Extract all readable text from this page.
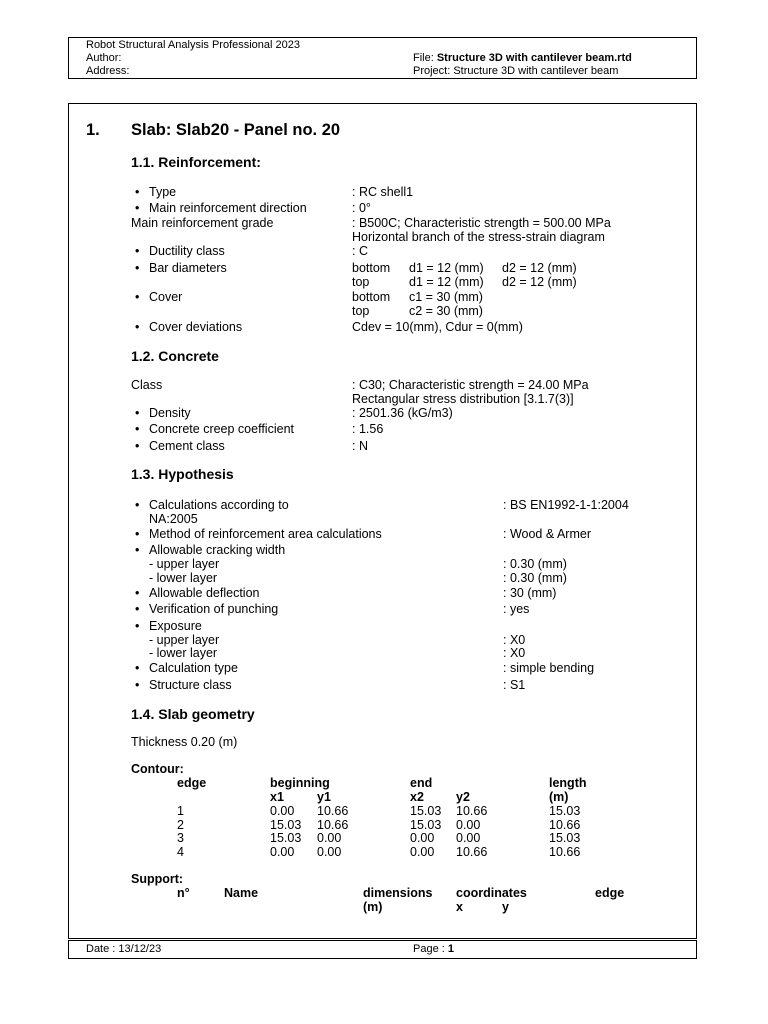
Robot Structural Analysis Professional 2023
Author:
Address:
File: Structure 3D with cantilever beam.rtd
Project: Structure 3D with cantilever beam
1. Slab: Slab20 - Panel no. 20
1.1. Reinforcement:
• Type	: RC shell1
• Main reinforcement direction	: 0°
Main reinforcement grade	: B500C; Characteristic strength = 500.00 MPa
Horizontal branch of the stress-strain diagram
• Ductility class	: C
• Bar diameters	bottom d1 = 12 (mm) d2 = 12 (mm)
top	d1 = 12 (mm) d2 = 12 (mm)
• Cover	bottom c1 = 30 (mm)
top	c2 = 30 (mm)
• Cover deviations	Cdev = 10(mm), Cdur = 0(mm)
1.2. Concrete
Class	: C30; Characteristic strength = 24.00 MPa
Rectangular stress distribution [3.1.7(3)]
• Density	: 2501.36 (kG/m3)
• Concrete creep coefficient	: 1.56
• Cement class	: N
1.3. Hypothesis
• Calculations according to
NA:2005
: BS EN1992-1-1:2004
• Method of reinforcement area calculations	: Wood & Armer
• Allowable cracking width
- upper layer	: 0.30 (mm)
- lower layer	: 0.30 (mm)
• Allowable deflection	: 30 (mm)
• Verification of punching	: yes
• Exposure
- upper layer	: X0
- lower layer	: X0
• Calculation type	: simple bending
• Structure class	: S1
1.4. Slab geometry
Thickness 0.20 (m)
Contour:
edge	beginning	end	length
x1	y1	x2	y2	(m)
1	0.00 10.66	15.03 10.66	15.03
2	15.03 10.66	15.03 0.00	10.66
3	15.03 0.00	0.00 0.00	15.03
4	0.00 0.00	0.00 10.66	10.66
Support:
n°	Name	dimensions coordinates	edge
(m)	x	y
Date : 13/12/23	Page : 1
